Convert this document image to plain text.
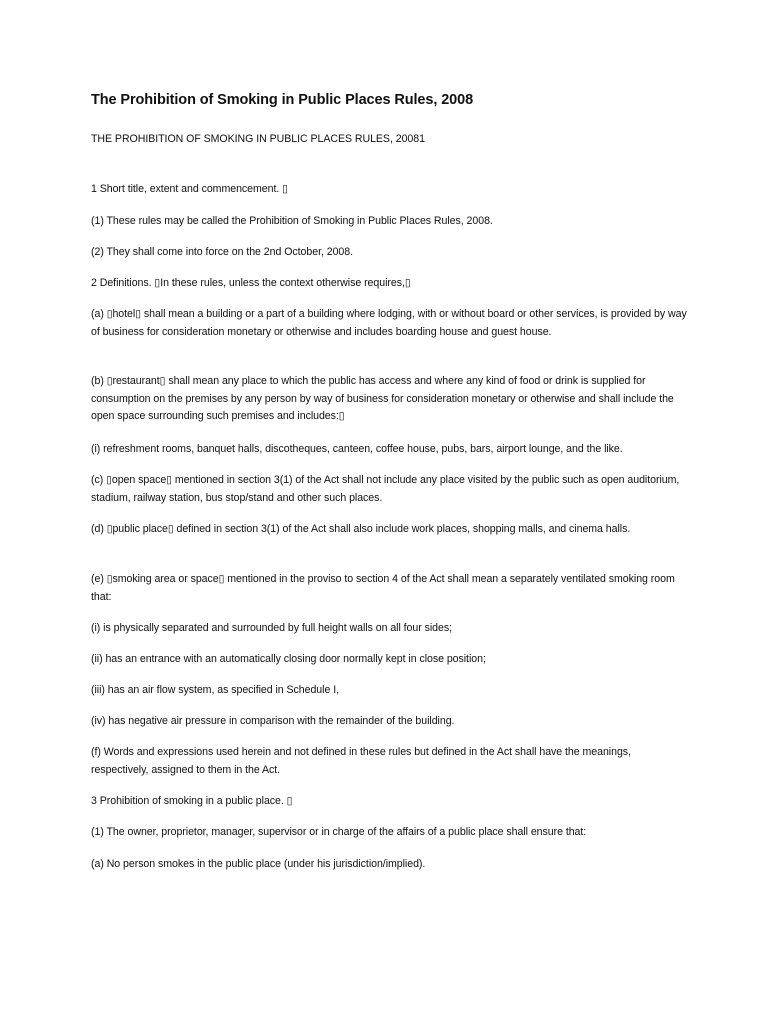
The Prohibition of Smoking in Public Places Rules, 2008
THE PROHIBITION OF SMOKING IN PUBLIC PLACES RULES, 20081
1 Short title, extent and commencement. ▯
(1) These rules may be called the Prohibition of Smoking in Public Places Rules, 2008.
(2) They shall come into force on the 2nd October, 2008.
2 Definitions. ▯In these rules, unless the context otherwise requires,▯
(a) ▯hotel▯ shall mean a building or a part of a building where lodging, with or without board or other services, is provided by way of business for consideration monetary or otherwise and includes boarding house and guest house.
(b) ▯restaurant▯ shall mean any place to which the public has access and where any kind of food or drink is supplied for consumption on the premises by any person by way of business for consideration monetary or otherwise and shall include the open space surrounding such premises and includes:▯
(i) refreshment rooms, banquet halls, discotheques, canteen, coffee house, pubs, bars, airport lounge, and the like.
(c) ▯open space▯ mentioned in section 3(1) of the Act shall not include any place visited by the public such as open auditorium, stadium, railway station, bus stop/stand and other such places.
(d) ▯public place▯ defined in section 3(1) of the Act shall also include work places, shopping malls, and cinema halls.
(e) ▯smoking area or space▯ mentioned in the proviso to section 4 of the Act shall mean a separately ventilated smoking room that:
(i) is physically separated and surrounded by full height walls on all four sides;
(ii) has an entrance with an automatically closing door normally kept in close position;
(iii) has an air flow system, as specified in Schedule I,
(iv) has negative air pressure in comparison with the remainder of the building.
(f) Words and expressions used herein and not defined in these rules but defined in the Act shall have the meanings, respectively, assigned to them in the Act.
3 Prohibition of smoking in a public place. ▯
(1) The owner, proprietor, manager, supervisor or in charge of the affairs of a public place shall ensure that:
(a) No person smokes in the public place (under his jurisdiction/implied).
